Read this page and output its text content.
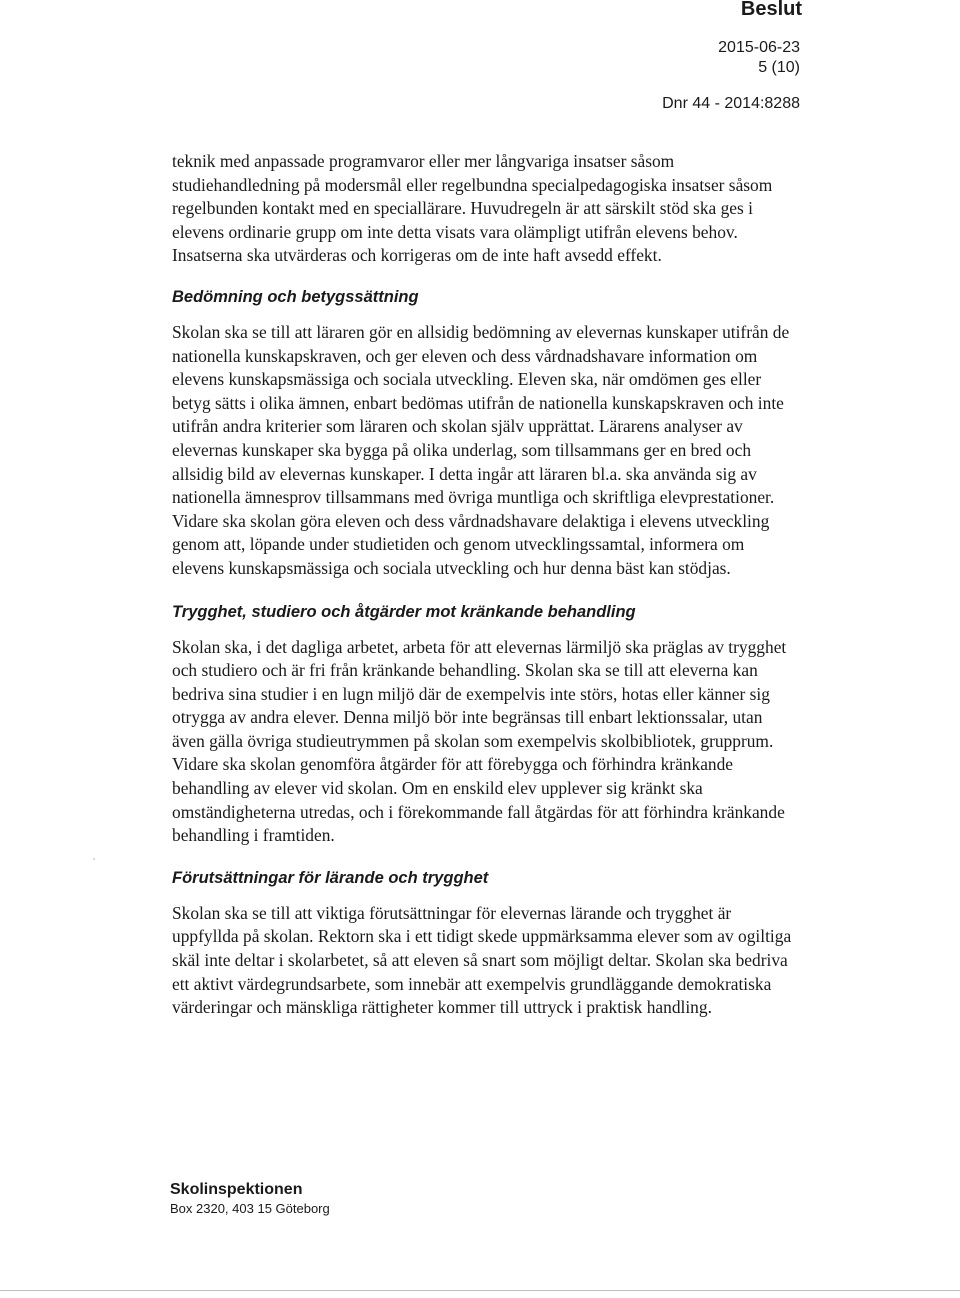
Beslut
2015-06-23
5 (10)
Dnr 44 - 2014:8288

teknik med anpassade programvaror eller mer långvariga insatser såsom studiehandledning på modersmål eller regelbundna specialpedagogiska insatser såsom regelbunden kontakt med en speciallärare. Huvudregeln är att särskilt stöd ska ges i elevens ordinarie grupp om inte detta visats vara olämpligt utifrån elevens behov. Insatserna ska utvärderas och korrigeras om de inte haft avsedd effekt.

Bedömning och betygssättning

Skolan ska se till att läraren gör en allsidig bedömning av elevernas kunskaper utifrån de nationella kunskapskraven, och ger eleven och dess vårdnadshavare information om elevens kunskapsmässiga och sociala utveckling. Eleven ska, när omdömen ges eller betyg sätts i olika ämnen, enbart bedömas utifrån de nationella kunskapskraven och inte utifrån andra kriterier som läraren och skolan själv upprättat. Lärarens analyser av elevernas kunskaper ska bygga på olika underlag, som tillsammans ger en bred och allsidig bild av elevernas kunskaper. I detta ingår att läraren bl.a. ska använda sig av nationella ämnesprov tillsammans med övriga muntliga och skriftliga elevprestationer. Vidare ska skolan göra eleven och dess vårdnadshavare delaktiga i elevens utveckling genom att, löpande under studietiden och genom utvecklingssamtal, informera om elevens kunskapsmässiga och sociala utveckling och hur denna bäst kan stödjas.

Trygghet, studiero och åtgärder mot kränkande behandling

Skolan ska, i det dagliga arbetet, arbeta för att elevernas lärmiljö ska präglas av trygghet och studiero och är fri från kränkande behandling. Skolan ska se till att eleverna kan bedriva sina studier i en lugn miljö där de exempelvis inte störs, hotas eller känner sig otrygga av andra elever. Denna miljö bör inte begränsas till enbart lektionssalar, utan även gälla övriga studieutrymmen på skolan som exempelvis skolbibliotek, grupprum. Vidare ska skolan genomföra åtgärder för att förebygga och förhindra kränkande behandling av elever vid skolan. Om en enskild elev upplever sig kränkt ska omständigheterna utredas, och i förekommande fall åtgärdas för att förhindra kränkande behandling i framtiden.

Förutsättningar för lärande och trygghet

Skolan ska se till att viktiga förutsättningar för elevernas lärande och trygghet är uppfyllda på skolan. Rektorn ska i ett tidigt skede uppmärksamma elever som av ogiltiga skäl inte deltar i skolarbetet, så att eleven så snart som möjligt deltar. Skolan ska bedriva ett aktivt värdegrundsarbete, som innebär att exempelvis grundläggande demokratiska värderingar och mänskliga rättigheter kommer till uttryck i praktisk handling.

Skolinspektionen
Box 2320, 403 15 Göteborg
